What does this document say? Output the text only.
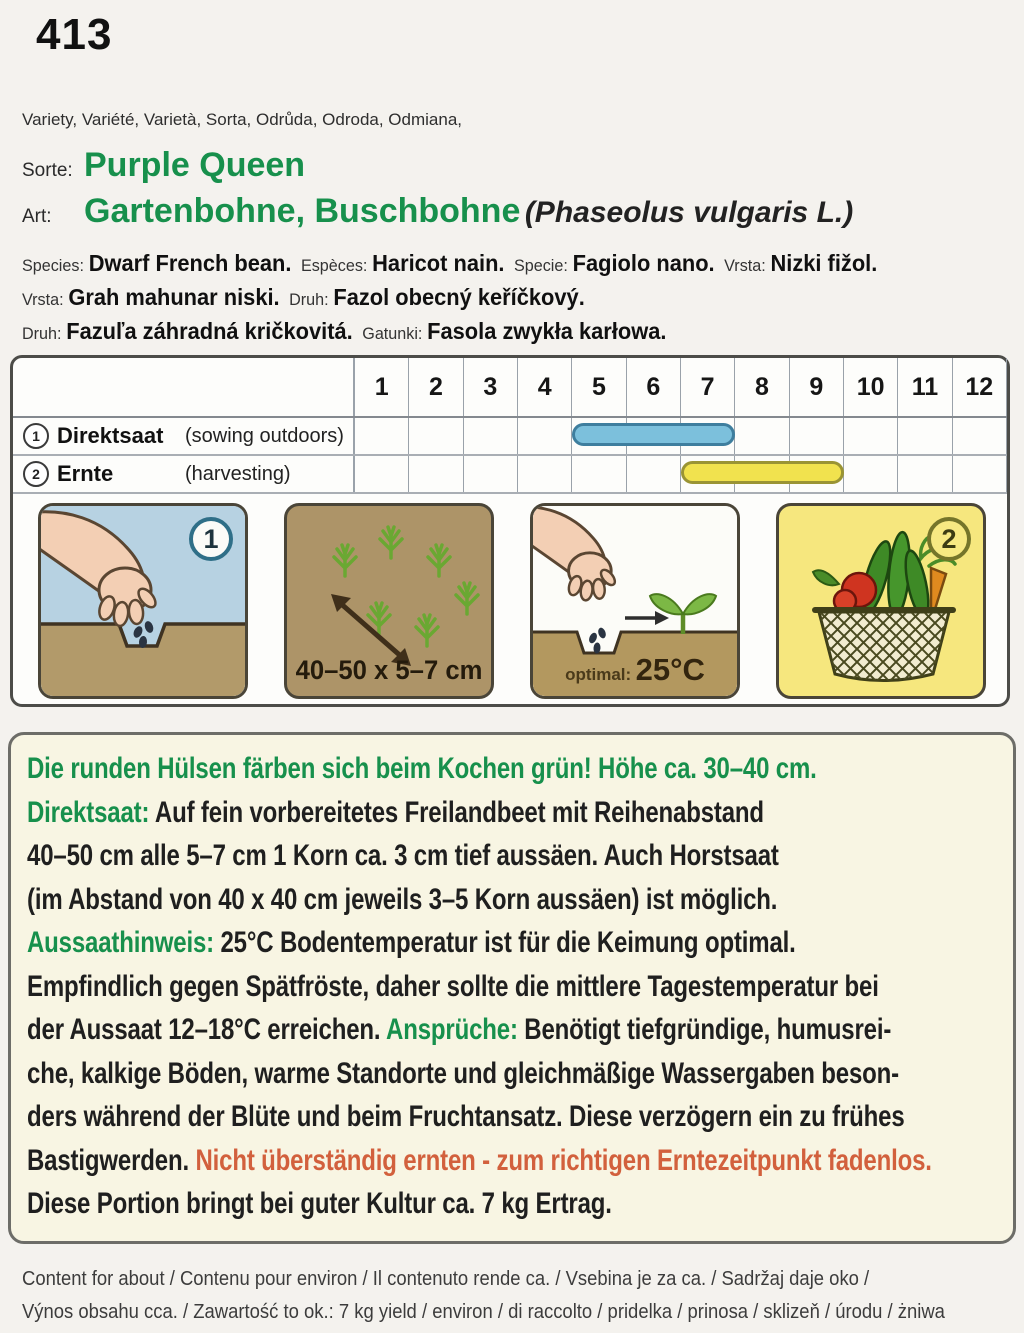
413
Variety, Variété, Varietà, Sorta, Odrůda, Odroda, Odmiana,
Sorte: Purple Queen
Art: Gartenbohne, Buschbohne (Phaseolus vulgaris L.)
Species: Dwarf French bean. Espèces: Haricot nain. Specie: Fagiolo nano. Vrsta: Nizki fižol.
Vrsta: Grah mahunar niski. Druh: Fazol obecný keříčkový.
Druh: Fazuľa záhradná kričkovitá. Gatunki: Fasola zwykła karłowa.
1	2	3	4	5	6	7	8	9	10	11	12
1 Direktsaat	(sowing outdoors)
2 Ernte	(harvesting)
1
40–50 x 5–7 cm	optimal: 25°C
2
Die runden Hülsen färben sich beim Kochen grün! Höhe ca. 30–40 cm.
Direktsaat: Auf fein vorbereitetes Freilandbeet mit Reihenabstand
40–50 cm alle 5–7 cm 1 Korn ca. 3 cm tief aussäen. Auch Horstsaat
(im Abstand von 40 x 40 cm jeweils 3–5 Korn aussäen) ist möglich.
Aussaathinweis: 25°C Bodentemperatur ist für die Keimung optimal.
Empfindlich gegen Spätfröste, daher sollte die mittlere Tagestemperatur bei
der Aussaat 12–18°C erreichen. Ansprüche: Benötigt tiefgründige, humusrei-
che, kalkige Böden, warme Standorte und gleichmäßige Wassergaben beson-
ders während der Blüte und beim Fruchtansatz. Diese verzögern ein zu frühes
Bastigwerden. Nicht überständig ernten - zum richtigen Erntezeitpunkt fadenlos.
Diese Portion bringt bei guter Kultur ca. 7 kg Ertrag.
Content for about / Contenu pour environ / Il contenuto rende ca. / Vsebina je za ca. / Sadržaj daje oko /
Výnos obsahu cca. / Zawartość to ok.: 7 kg yield / environ / di raccolto / pridelka / prinosa / sklizeň / úrodu / żniwa
